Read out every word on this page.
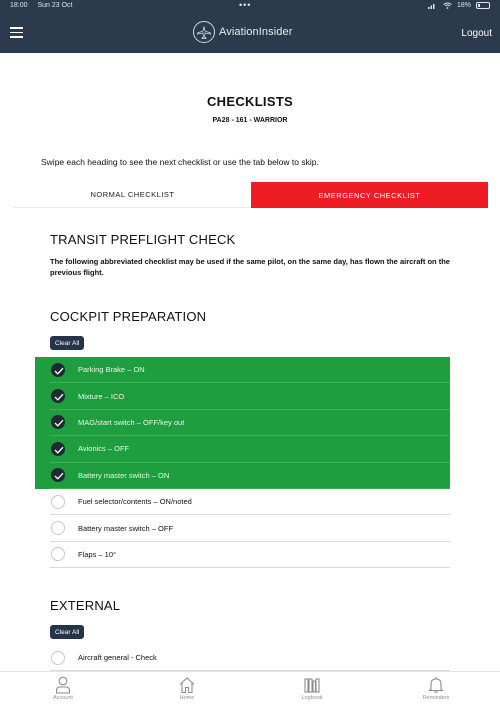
18:00 Sun 23 Oct	•••	18%
AviationInsider	Logout
CHECKLISTS
PA28 - 161 - WARRIOR
Swipe each heading to see the next checklist or use the tab below to skip.
NORMAL CHECKLIST	EMERGENCY CHECKLIST
TRANSIT PREFLIGHT CHECK
The following abbreviated checklist may be used if the same pilot, on the same day, has flown the aircraft on the previous flight.
COCKPIT PREPARATION
Clear All
Parking Brake – ON
Mixture – ICO
MAG/start switch – OFF/key out
Avionics – OFF
Battery master switch – ON
Fuel selector/contents – ON/noted
Battery master switch – OFF
Flaps – 10°
EXTERNAL
Clear All
Aircraft general - Check
Account	Home	Logbook	Reminders
